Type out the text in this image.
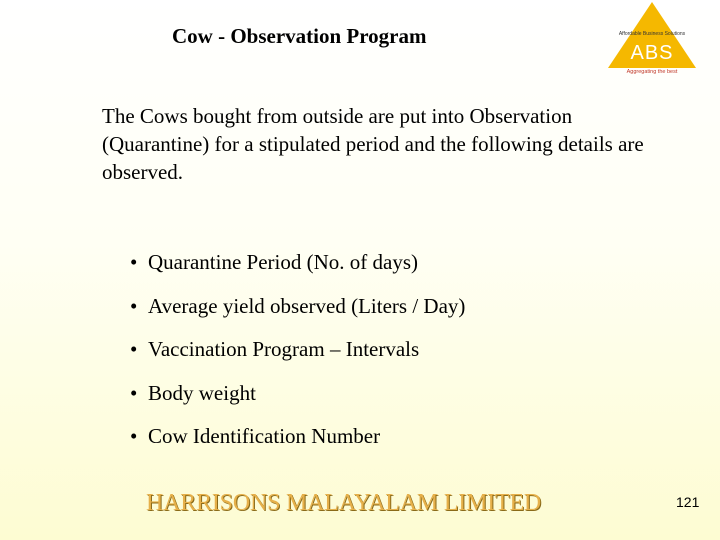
Cow - Observation Program	Affordable Business Solutions
ABS
Aggregating the best
The Cows bought from outside are put into Observation (Quarantine) for a stipulated period and the following details are observed.
• Quarantine Period (No. of days)
• Average yield observed (Liters / Day)
• Vaccination Program – Intervals
• Body weight
• Cow Identification Number
HARRISONS MALAYALAM LIMITED	121
